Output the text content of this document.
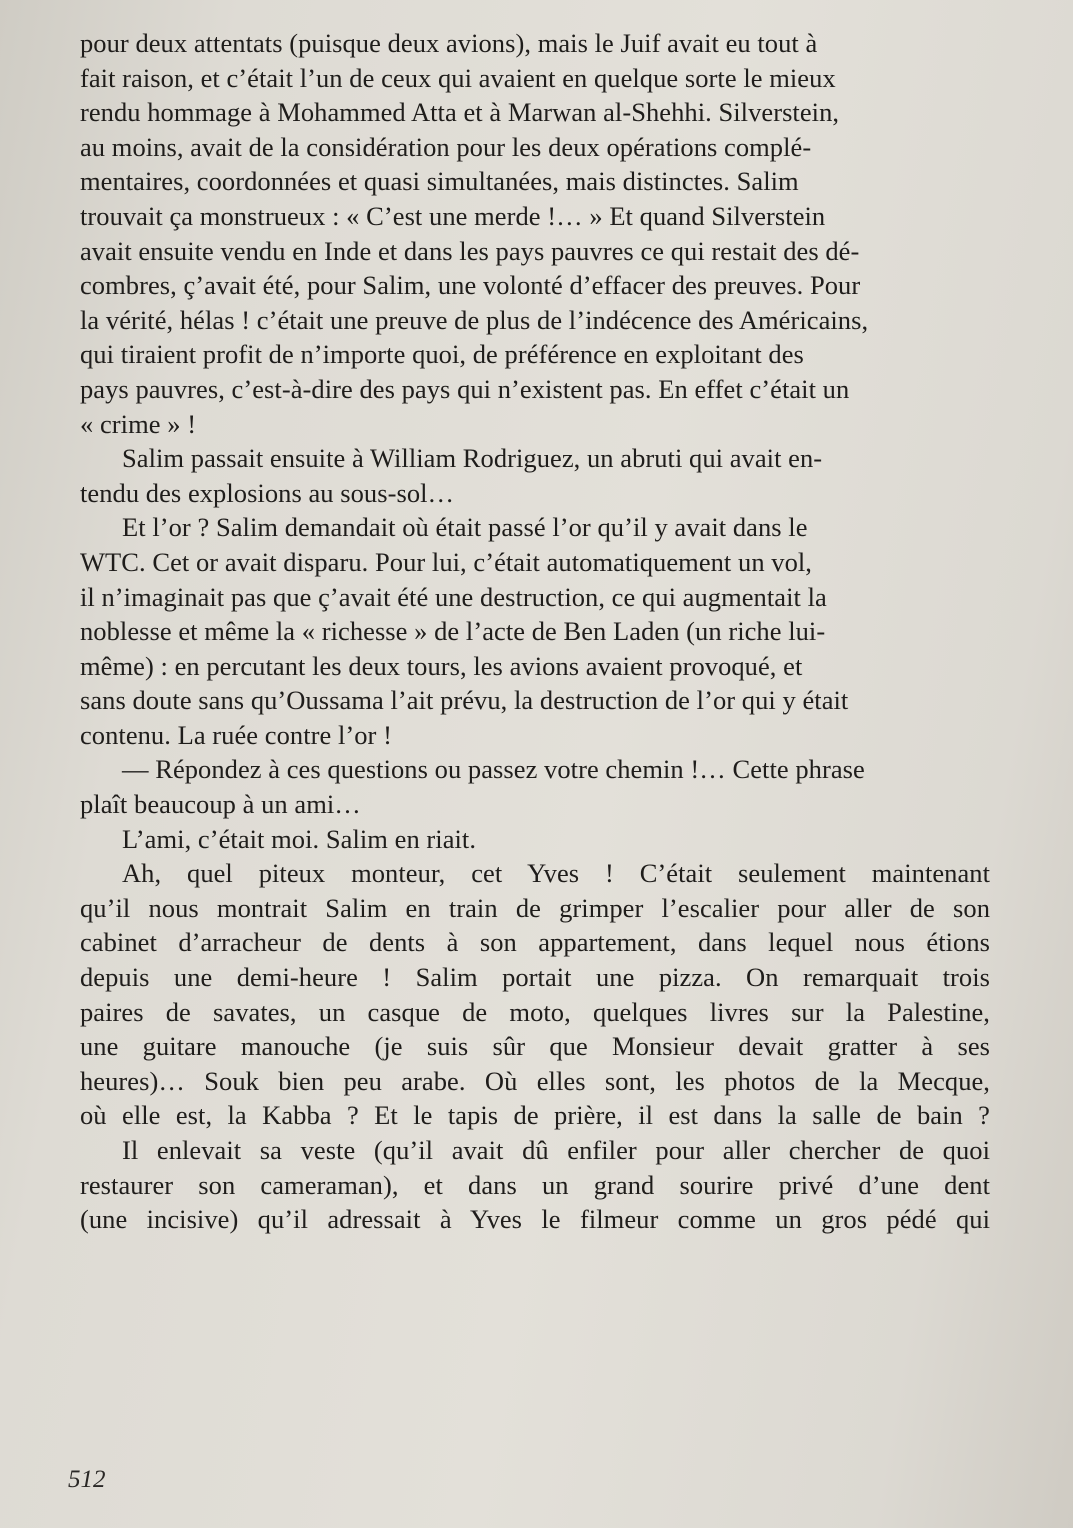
pour deux attentats (puisque deux avions), mais le Juif avait eu tout à
fait raison, et c’était l’un de ceux qui avaient en quelque sorte le mieux
rendu hommage à Mohammed Atta et à Marwan al-Shehhi. Silverstein,
au moins, avait de la considération pour les deux opérations complé-
mentaires, coordonnées et quasi simultanées, mais distinctes. Salim
trouvait ça monstrueux : « C’est une merde !… » Et quand Silverstein
avait ensuite vendu en Inde et dans les pays pauvres ce qui restait des dé-
combres, ç’avait été, pour Salim, une volonté d’effacer des preuves. Pour
la vérité, hélas ! c’était une preuve de plus de l’indécence des Américains,
qui tiraient profit de n’importe quoi, de préférence en exploitant des
pays pauvres, c’est-à-dire des pays qui n’existent pas. En effet c’était un
« crime » !

Salim passait ensuite à William Rodriguez, un abruti qui avait en-
tendu des explosions au sous-sol…

Et l’or ? Salim demandait où était passé l’or qu’il y avait dans le
WTC. Cet or avait disparu. Pour lui, c’était automatiquement un vol,
il n’imaginait pas que ç’avait été une destruction, ce qui augmentait la
noblesse et même la « richesse » de l’acte de Ben Laden (un riche lui-
même) : en percutant les deux tours, les avions avaient provoqué, et
sans doute sans qu’Oussama l’ait prévu, la destruction de l’or qui y était
contenu. La ruée contre l’or !

— Répondez à ces questions ou passez votre chemin !… Cette phrase
plaît beaucoup à un ami…

L’ami, c’était moi. Salim en riait.

Ah, quel piteux monteur, cet Yves ! C’était seulement maintenant
qu’il nous montrait Salim en train de grimper l’escalier pour aller de son
cabinet d’arracheur de dents à son appartement, dans lequel nous étions
depuis une demi-heure ! Salim portait une pizza. On remarquait trois
paires de savates, un casque de moto, quelques livres sur la Palestine,
une guitare manouche (je suis sûr que Monsieur devait gratter à ses
heures)… Souk bien peu arabe. Où elles sont, les photos de la Mecque,
où elle est, la Kabba ? Et le tapis de prière, il est dans la salle de bain ?

Il enlevait sa veste (qu’il avait dû enfiler pour aller chercher de quoi
restaurer son cameraman), et dans un grand sourire privé d’une dent
(une incisive) qu’il adressait à Yves le filmeur comme un gros pédé qui

512
